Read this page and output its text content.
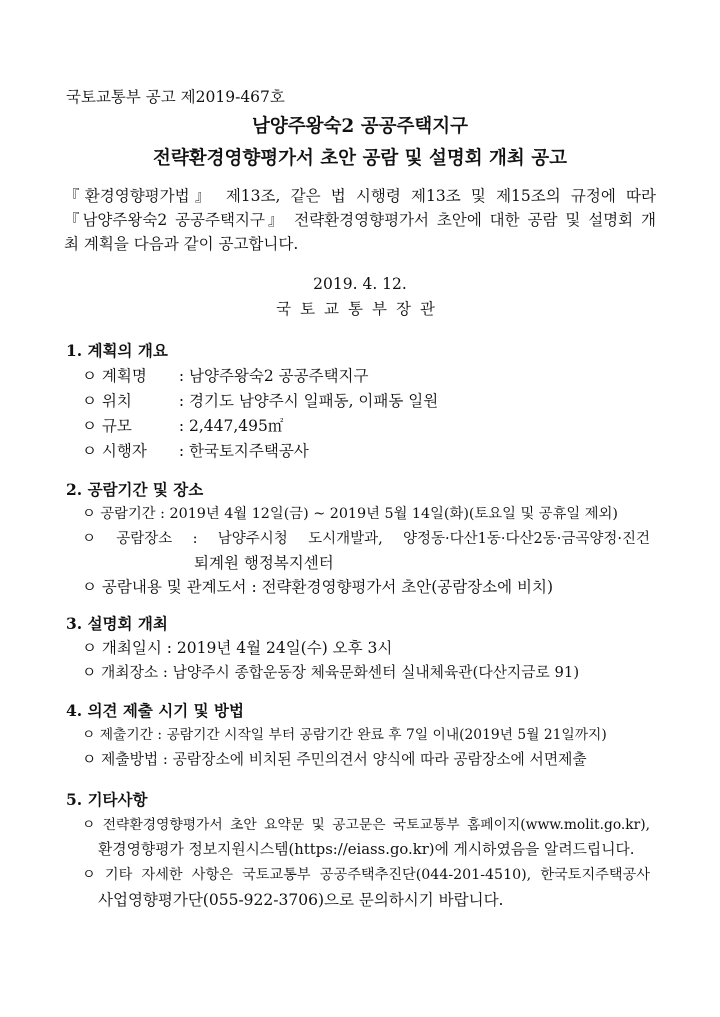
국토교통부 공고 제2019-467호
남양주왕숙2 공공주택지구
전략환경영향평가서 초안 공람 및 설명회 개최 공고
『환경영향평가법』 제13조, 같은 법 시행령 제13조 및 제15조의 규정에 따라
『남양주왕숙2 공공주택지구』 전략환경영향평가서 초안에 대한 공람 및 설명회 개
최 계획을 다음과 같이 공고합니다.
2019. 4. 12.
국토교통부장관
1. 계획의 개요
ㅇ 계획명 : 남양주왕숙2 공공주택지구
ㅇ 위치	: 경기도 남양주시 일패동, 이패동 일원
ㅇ 규모	: 2,447,495㎡
ㅇ 시행자 : 한국토지주택공사
2. 공람기간 및 장소
ㅇ 공람기간 : 2019년 4월 12일(금) ~ 2019년 5월 14일(화)(토요일 및 공휴일 제외)
ㅇ 공람장소 : 남양주시청 도시개발과, 양정동·다산1동·다산2동·금곡양정·진건
퇴계원 행정복지센터
ㅇ 공람내용 및 관계도서 : 전략환경영향평가서 초안(공람장소에 비치)
3. 설명회 개최
ㅇ 개최일시 : 2019년 4월 24일(수) 오후 3시
ㅇ 개최장소 : 남양주시 종합운동장 체육문화센터 실내체육관(다산지금로 91)
4. 의견 제출 시기 및 방법
ㅇ 제출기간 : 공람기간 시작일 부터 공람기간 완료 후 7일 이내(2019년 5월 21일까지)
ㅇ 제출방법 : 공람장소에 비치된 주민의견서 양식에 따라 공람장소에 서면제출
5. 기타사항
ㅇ 전략환경영향평가서 초안 요약문 및 공고문은 국토교통부 홈페이지(www.molit.go.kr),
환경영향평가 정보지원시스템(https://eiass.go.kr)에 게시하였음을 알려드립니다.
ㅇ 기타 자세한 사항은 국토교통부 공공주택추진단(044-201-4510), 한국토지주택공사
사업영향평가단(055-922-3706)으로 문의하시기 바랍니다.
